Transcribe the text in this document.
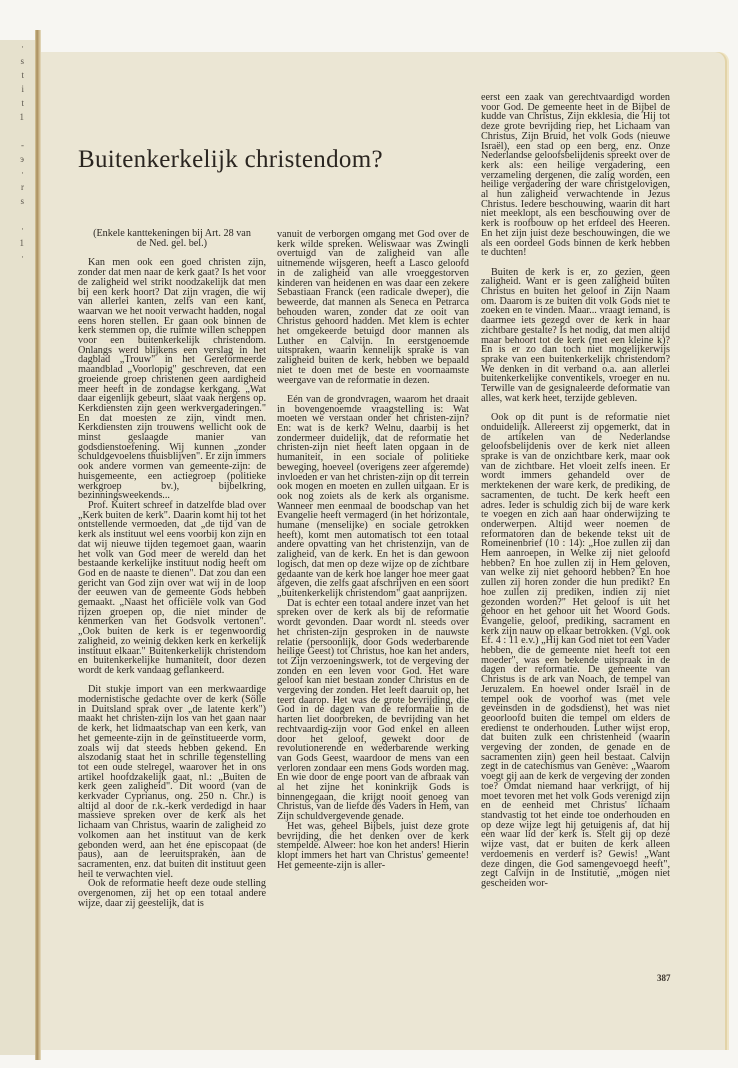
·
s
t
i
t
1

-
э
·
r
s

·
1
·
Buitenkerkelijk christendom?

(Enkele kanttekeningen bij Art. 28 van de Ned. gel. bel.)

Kan men ook een goed christen zijn, zonder dat men naar de kerk gaat? Is het voor de zaligheid wel strikt noodzakelijk dat men bij een kerk hoort? Dat zijn vragen, die wij van allerlei kanten, zelfs van een kant, waarvan we het nooit verwacht hadden, nogal eens horen stellen. Er gaan ook binnen de kerk stemmen op, die ruimte willen scheppen voor een buitenkerkelijk christendom. Onlangs werd blijkens een verslag in het dagblad „Trouw" in het Gereformeerde maandblad „Voorlopig" geschreven, dat een groeiende groep christenen geen aardigheid meer heeft in de zondagse kerkgang. „Wat daar eigenlijk gebeurt, slaat vaak nergens op. Kerkdiensten zijn geen werkvergaderingen." En dat moesten ze zijn, vindt men. Kerkdiensten zijn trouwens wellicht ook de minst geslaagde manier van godsdienstoefening. Wij kunnen „zonder schuldgevoelens thuisblijven". Er zijn immers ook andere vormen van gemeente-zijn: de huisgemeente, een actiegroep (politieke werkgroep bv.), bijbelkring, bezinningsweekends...

Prof. Kuitert schreef in datzelfde blad over „Kerk buiten de kerk". Daarin komt hij tot het ontstellende vermoeden, dat „de tijd van de kerk als instituut wel eens voorbij kon zijn en dat wij nieuwe tijden tegemoet gaan, waarin het volk van God meer de wereld dan het bestaande kerkelijke instituut nodig heeft om God en de naaste te dienen". Dat zou dan een gericht van God zijn over wat wij in de loop der eeuwen van de gemeente Gods hebben gemaakt. „Naast het officiële volk van God rijzen groepen op, die niet minder de kenmerken van het Godsvolk vertonen". „Ook buiten de kerk is er tegenwoordig zaligheid, zo weinig dekken kerk en kerkelijk instituut elkaar." Buitenkerkelijk christendom en buitenkerkelijke humaniteit, door dezen wordt de kerk vandaag geflankeerd.

Dit stukje import van een merkwaardige modernistische gedachte over de kerk (Sölle in Duitsland sprak over „de latente kerk") maakt het christen-zijn los van het gaan naar de kerk, het lidmaatschap van een kerk, van het gemeente-zijn in de geïnstitueerde vorm, zoals wij dat steeds hebben gekend. En alszodanig staat het in schrille tegenstelling tot een oude stelregel, waarover het in ons artikel hoofdzakelijk gaat, nl.: „Buiten de kerk geen zaligheid". Dit woord (van de kerkvader Cyprianus, ong. 250 n. Chr.) is altijd al door de r.k.-kerk verdedigd in haar massieve spreken over de kerk als het lichaam van Christus, waarin de zaligheid zo volkomen aan het instituut van de kerk gebonden werd, aan het éne episcopaat (de paus), aan de leeruitspraken, aan de sacramenten, enz. dat buiten dit instituut geen heil te verwachten viel.

Ook de reformatie heeft deze oude stelling overgenomen, zij het op een totaal andere wijze, daar zij geestelijk, dat is

vanuit de verborgen omgang met God over de kerk wilde spreken. Weliswaar was Zwingli overtuigd van de zaligheid van alle uitnemende wijsgeren, heeft a Lasco geloofd in de zaligheid van alle vroeggestorven kinderen van heidenen en was daar een zekere Sebastiaan Franck (een radicale dweper), die beweerde, dat mannen als Seneca en Petrarca behouden waren, zonder dat ze ooit van Christus gehoord hadden. Met klem is echter het omgekeerde betuigd door mannen als Luther en Calvijn. In eerstgenoemde uitspraken, waarin kennelijk sprake is van zaligheid buiten de kerk, hebben we bepaald niet te doen met de beste en voornaamste weergave van de reformatie in dezen.

Eén van de grondvragen, waarom het draait in bovengenoemde vraagstelling is: Wat moeten we verstaan onder het christen-zijn? En: wat is de kerk? Welnu, daarbij is het zondermeer duidelijk, dat de reformatie het christen-zijn niet heeft laten opgaan in de humaniteit, in een sociale of politieke beweging, hoeveel (overigens zeer afgeremde) invloeden er van het christen-zijn op dit terrein ook mogen en moeten en zullen uitgaan. Er is ook nog zoiets als de kerk als organisme. Wanneer men eenmaal de boodschap van het Evangelie heeft vermagerd (in het horizontale, humane (menselijke) en sociale getrokken heeft), komt men automatisch tot een totaal andere opvatting van het christenzijn, van de zaligheid, van de kerk. En het is dan gewoon logisch, dat men op deze wijze op de zichtbare gedaante van de kerk hoe langer hoe meer gaat afgeven, die zelfs gaat afschrijven en een soort „buitenkerkelijk christendom" gaat aanprijzen.

Dat is echter een totaal andere inzet van het spreken over de kerk als bij de reformatie wordt gevonden. Daar wordt nl. steeds over het christen-zijn gesproken in de nauwste relatie (persoonlijk, door Gods wederbarende heilige Geest) tot Christus, hoe kan het anders, tot Zijn verzoeningswerk, tot de vergeving der zonden en een leven voor God. Het ware geloof kan niet bestaan zonder Christus en de vergeving der zonden. Het leeft daaruit op, het teert daarop. Het was de grote bevrijding, die God in de dagen van de reformatie in de harten liet doorbreken, de bevrijding van het rechtvaardig-zijn voor God enkel en alleen door het geloof, gewekt door de revolutionerende en wederbarende werking van Gods Geest, waardoor de mens van een verloren zondaar een mens Gods worden mag. En wie door de enge poort van de afbraak van al het zijne het koninkrijk Gods is binnengegaan, die krijgt nooit genoeg van Christus, van de liefde des Vaders in Hem, van Zijn schuldvergevende genade.

Het was, geheel Bijbels, juist deze grote bevrijding, die het denken over de kerk stempelde. Alweer: hoe kon het anders! Hierin klopt immers het hart van Christus' gemeente! Het gemeente-zijn is aller-

eerst een zaak van gerechtvaardigd worden voor God. De gemeente heet in de Bijbel de kudde van Christus, Zijn ekklesia, die Hij tot deze grote bevrijding riep, het Lichaam van Christus, Zijn Bruid, het volk Gods (nieuwe Israël), een stad op een berg, enz. Onze Nederlandse geloofsbelijdenis spreekt over de kerk als: een heilige vergadering, een verzameling dergenen, die zalig worden, een heilige vergadering der ware christgelovigen, al hun zaligheid verwachtende in Jezus Christus. Iedere beschouwing, waarin dit hart niet meeklopt, als een beschouwing over de kerk is roofbouw op het erfdeel des Heeren. En het zijn juist deze beschouwingen, die we als een oordeel Gods binnen de kerk hebben te duchten!

Buiten de kerk is er, zo gezien, geen zaligheid. Want er is geen zaligheid buiten Christus en buiten het geloof in Zijn Naam om. Daarom is ze buiten dit volk Gods niet te zoeken en te vinden. Maar... vraagt iemand, is daarmee iets gezegd over de kerk in haar zichtbare gestalte? Is het nodig, dat men altijd maar behoort tot de kerk (met een kleine k)? En is er zo dan toch niet mogelijkerwijs sprake van een buitenkerkelijk christendom? We denken in dit verband o.a. aan allerlei buitenkerkelijke conventikels, vroeger en nu. Terwille van de gesignaleerde deformatie van alles, wat kerk heet, terzijde gebleven.

Ook op dit punt is de reformatie niet onduidelijk. Allereerst zij opgemerkt, dat in de artikelen van de Nederlandse geloofsbelijdenis over de kerk niet alleen sprake is van de onzichtbare kerk, maar ook van de zichtbare. Het vloeit zelfs ineen. Er wordt immers gehandeld over de merktekenen der ware kerk, de prediking, de sacramenten, de tucht. De kerk heeft een adres. Ieder is schuldig zich bij de ware kerk te voegen en zich aan haar onderwijzing te onderwerpen. Altijd weer noemen de reformatoren dan de bekende tekst uit de Romeinenbrief (10 : 14): „Hoe zullen zij dan Hem aanroepen, in Welke zij niet geloofd hebben? En hoe zullen zij in Hem geloven, van welke zij niet gehoord hebben? En hoe zullen zij horen zonder die hun predikt? En hoe zullen zij prediken, indien zij niet gezonden worden?" Het geloof is uit het gehoor en het gehoor uit het Woord Gods. Evangelie, geloof, prediking, sacrament en kerk zijn nauw op elkaar betrokken. (Vgl. ook Ef. 4 : 11 e.v.) „Hij kan God niet tot een Vader hebben, die de gemeente niet heeft tot een moeder", was een bekende uitspraak in de dagen der reformatie. De gemeente van Christus is de ark van Noach, de tempel van Jeruzalem. En hoewel onder Israël in de tempel ook de voorhof was (met vele geveinsden in de godsdienst), het was niet geoorloofd buiten die tempel om elders de eredienst te onderhouden. Luther wijst erop, dat buiten zulk een christenheid (waarin vergeving der zonden, de genade en de sacramenten zijn) geen heil bestaat. Calvijn zegt in de catechismus van Genève: „Waarom voegt gij aan de kerk de vergeving der zonden toe? Omdat niemand haar verkrijgt, of hij moet tevoren met het volk Gods verenigd zijn en de eenheid met Christus' lichaam standvastig tot het einde toe onderhouden en op deze wijze legt hij getuigenis af, dat hij een waar lid der kerk is. Stelt gij op deze wijze vast, dat er buiten de kerk alleen verdoemenis en verderf is? Gewis! „Want deze dingen, die God samengevoegd heeft", zegt Calvijn in de Institutie, „mogen niet gescheiden wor-

387
